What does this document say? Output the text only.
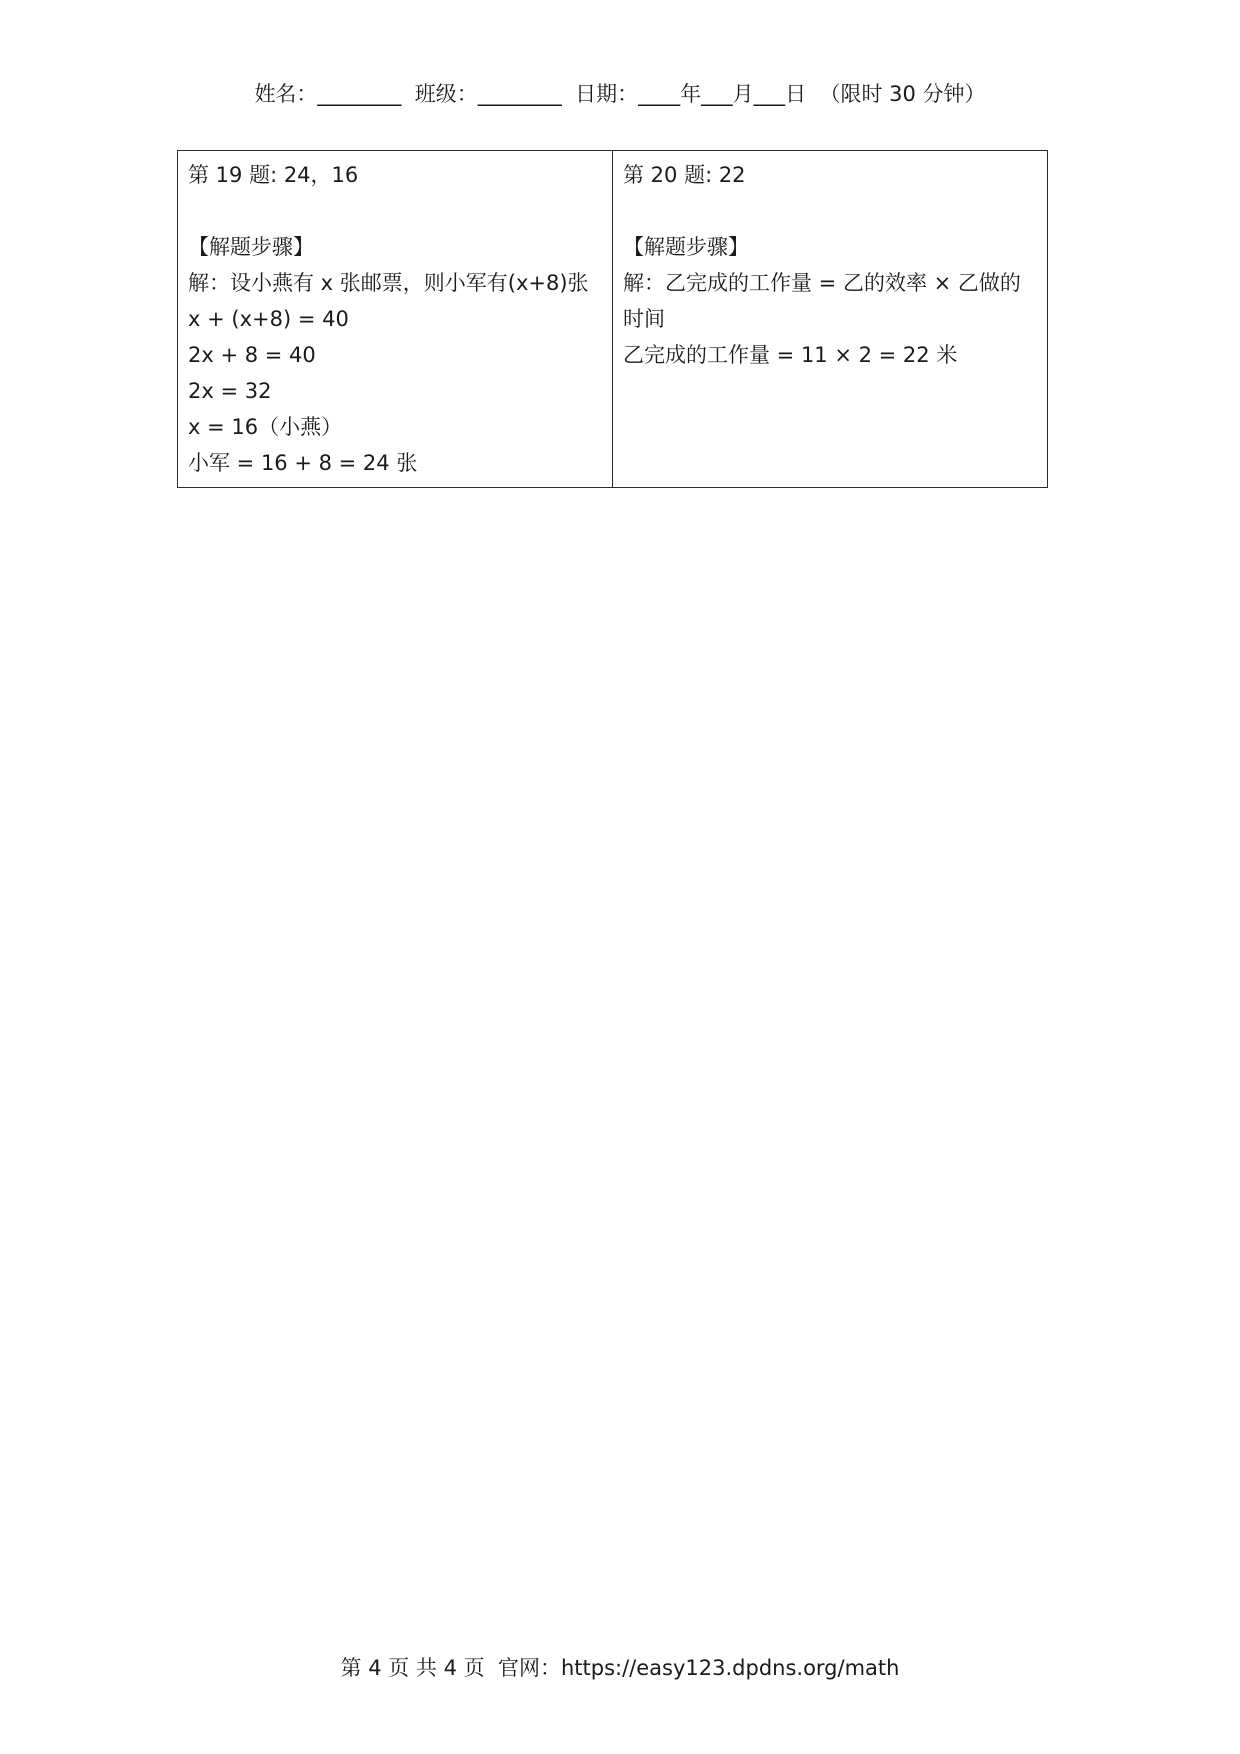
姓名：________  班级：________  日期：____年___月___日  （限时 30 分钟）
第 19 题: 24，16
【解题步骤】
解：设小燕有 x 张邮票，则小军有(x+8)张
x + (x+8) = 40
2x + 8 = 40
2x = 32
x = 16（小燕）
小军 = 16 + 8 = 24 张

第 20 题: 22
【解题步骤】
解：乙完成的工作量 = 乙的效率 × 乙做的时间
乙完成的工作量 = 11 × 2 = 22 米
第 4 页 共 4 页  官网：https://easy123.dpdns.org/math
